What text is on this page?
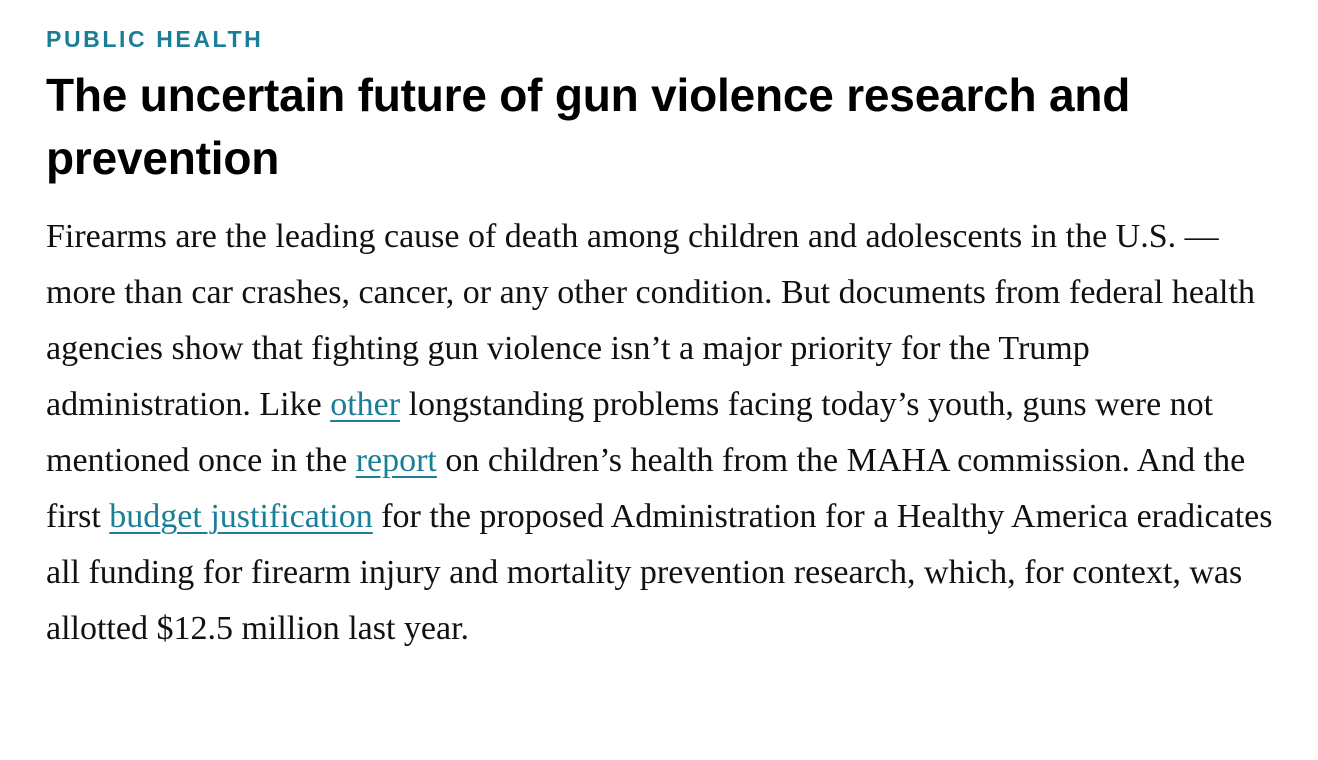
PUBLIC HEALTH

The uncertain future of gun violence research and prevention

Firearms are the leading cause of death among children and adolescents in the U.S. — more than car crashes, cancer, or any other condition. But documents from federal health agencies show that fighting gun violence isn’t a major priority for the Trump administration. Like other longstanding problems facing today’s youth, guns were not mentioned once in the report on children’s health from the MAHA commission. And the first budget justification for the proposed Administration for a Healthy America eradicates all funding for firearm injury and mortality prevention research, which, for context, was allotted $12.5 million last year.
